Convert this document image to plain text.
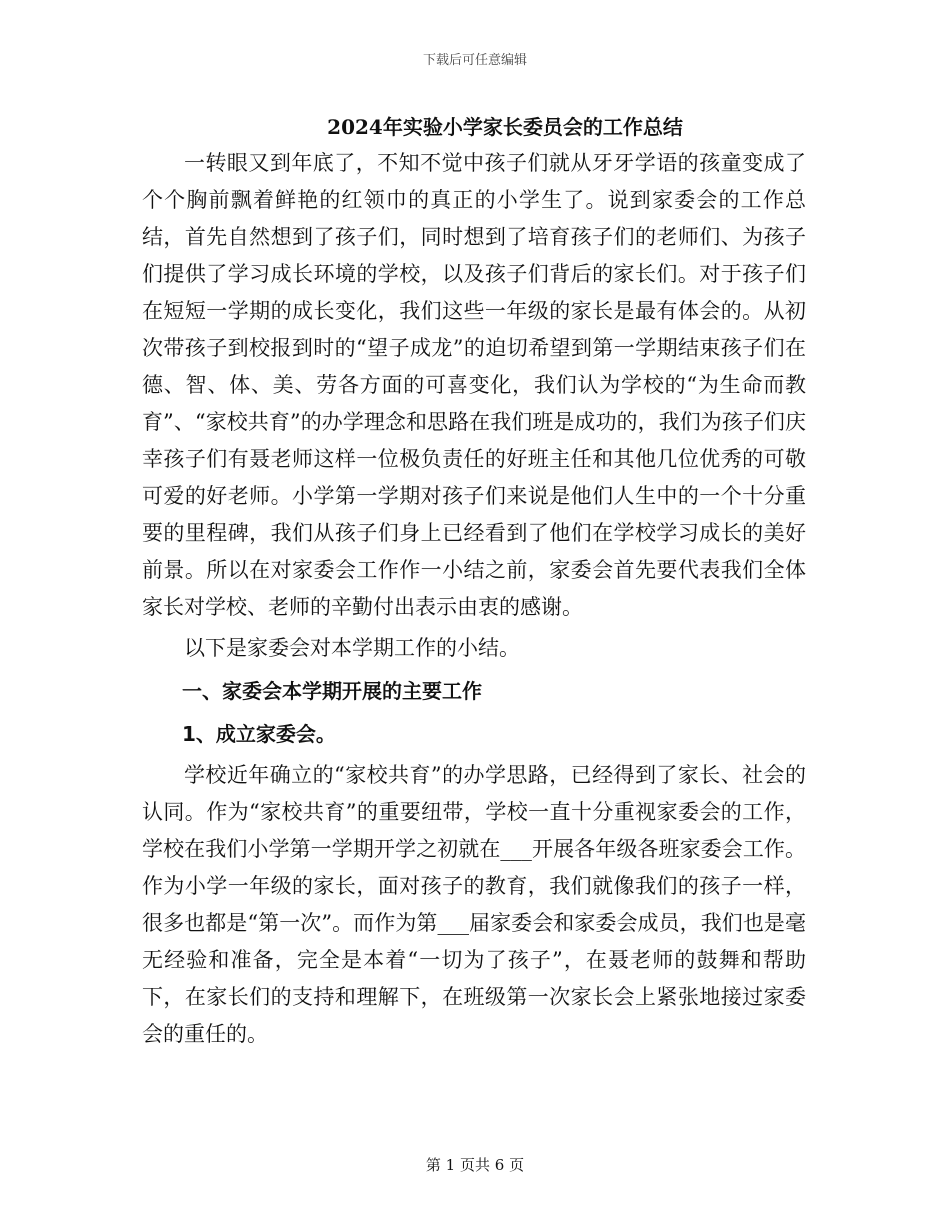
下载后可任意编辑
2024年实验小学家长委员会的工作总结

一转眼又到年底了，不知不觉中孩子们就从牙牙学语的孩童变成了个个胸前飘着鲜艳的红领巾的真正的小学生了。说到家委会的工作总结，首先自然想到了孩子们，同时想到了培育孩子们的老师们、为孩子们提供了学习成长环境的学校，以及孩子们背后的家长们。对于孩子们在短短一学期的成长变化，我们这些一年级的家长是最有体会的。从初次带孩子到校报到时的“望子成龙”的迫切希望到第一学期结束孩子们在德、智、体、美、劳各方面的可喜变化，我们认为学校的“为生命而教育”、“家校共育”的办学理念和思路在我们班是成功的，我们为孩子们庆幸孩子们有聂老师这样一位极负责任的好班主任和其他几位优秀的可敬可爱的好老师。小学第一学期对孩子们来说是他们人生中的一个十分重要的里程碑，我们从孩子们身上已经看到了他们在学校学习成长的美好前景。所以在对家委会工作作一小结之前，家委会首先要代表我们全体家长对学校、老师的辛勤付出表示由衷的感谢。

以下是家委会对本学期工作的小结。

一、家委会本学期开展的主要工作

1、成立家委会。

学校近年确立的“家校共育”的办学思路，已经得到了家长、社会的认同。作为“家校共育”的重要纽带，学校一直十分重视家委会的工作，学校在我们小学第一学期开学之初就在___开展各年级各班家委会工作。作为小学一年级的家长，面对孩子的教育，我们就像我们的孩子一样，很多也都是“第一次”。而作为第___届家委会和家委会成员，我们也是毫无经验和准备，完全是本着“一切为了孩子”，在聂老师的鼓舞和帮助下，在家长们的支持和理解下，在班级第一次家长会上紧张地接过家委会的重任的。

第 1 页共 6 页
